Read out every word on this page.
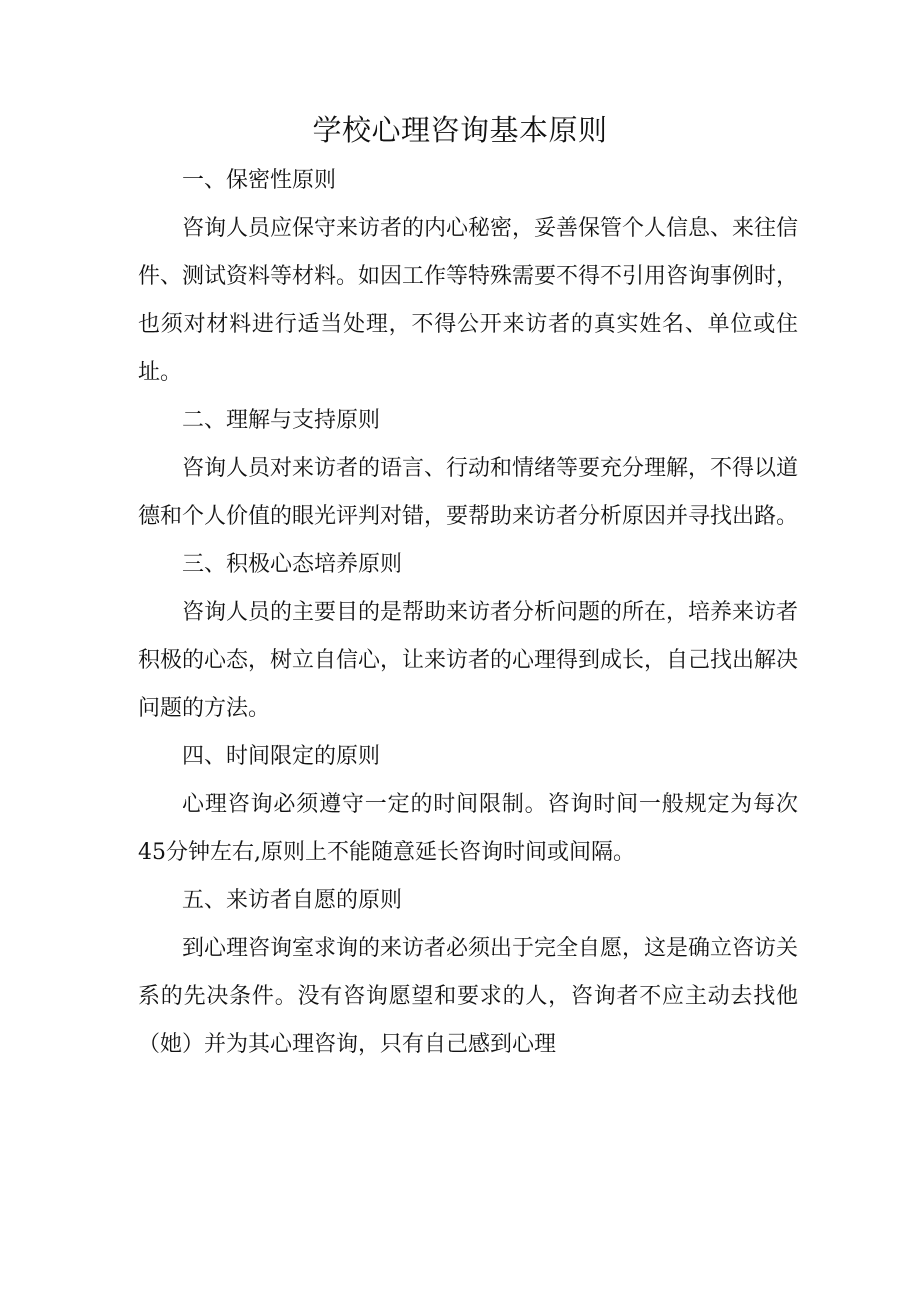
学校心理咨询基本原则

一、保密性原则

咨询人员应保守来访者的内心秘密，妥善保管个人信息、来往信件、测试资料等材料。如因工作等特殊需要不得不引用咨询事例时，也须对材料进行适当处理，不得公开来访者的真实姓名、单位或住址。

二、理解与支持原则

咨询人员对来访者的语言、行动和情绪等要充分理解，不得以道德和个人价值的眼光评判对错，要帮助来访者分析原因并寻找出路。

三、积极心态培养原则

咨询人员的主要目的是帮助来访者分析问题的所在，培养来访者积极的心态，树立自信心，让来访者的心理得到成长，自己找出解决问题的方法。

四、时间限定的原则

心理咨询必须遵守一定的时间限制。咨询时间一般规定为每次45分钟左右,原则上不能随意延长咨询时间或间隔。

五、来访者自愿的原则

到心理咨询室求询的来访者必须出于完全自愿，这是确立咨访关系的先决条件。没有咨询愿望和要求的人，咨询者不应主动去找他（她）并为其心理咨询，只有自己感到心理
